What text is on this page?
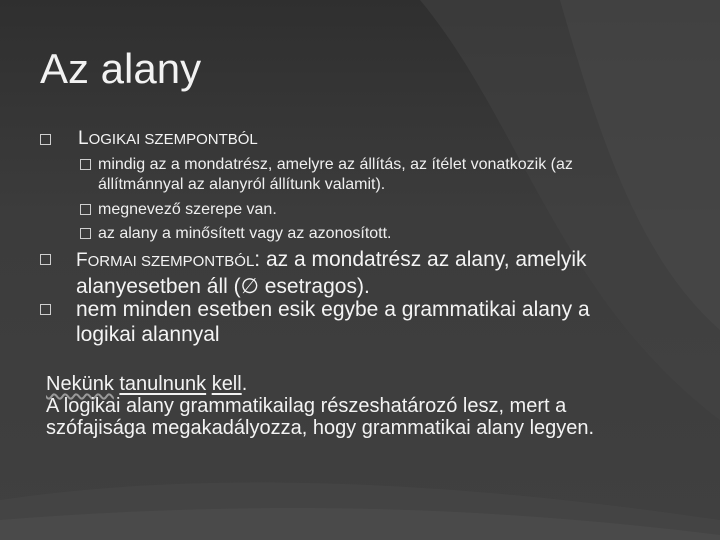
Az alany
LOGIKAI SZEMPONTBÓL
mindig az a mondatrész, amelyre az állítás, az ítélet vonatkozik (az állítmánnyal az alanyról állítunk valamit).
megnevező szerepe van.
az alany a minősített vagy az azonosított.
FORMAI SZEMPONTBÓL: az a mondatrész az alany, amelyik alanyesetben áll (∅ esetragos).
nem minden esetben esik egybe a grammatikai alany a logikai alannyal
Nekünk tanulnunk kell.
A logikai alany grammatikailag részeshatározó lesz, mert a szófajisága megakadályozza, hogy grammatikai alany legyen.
